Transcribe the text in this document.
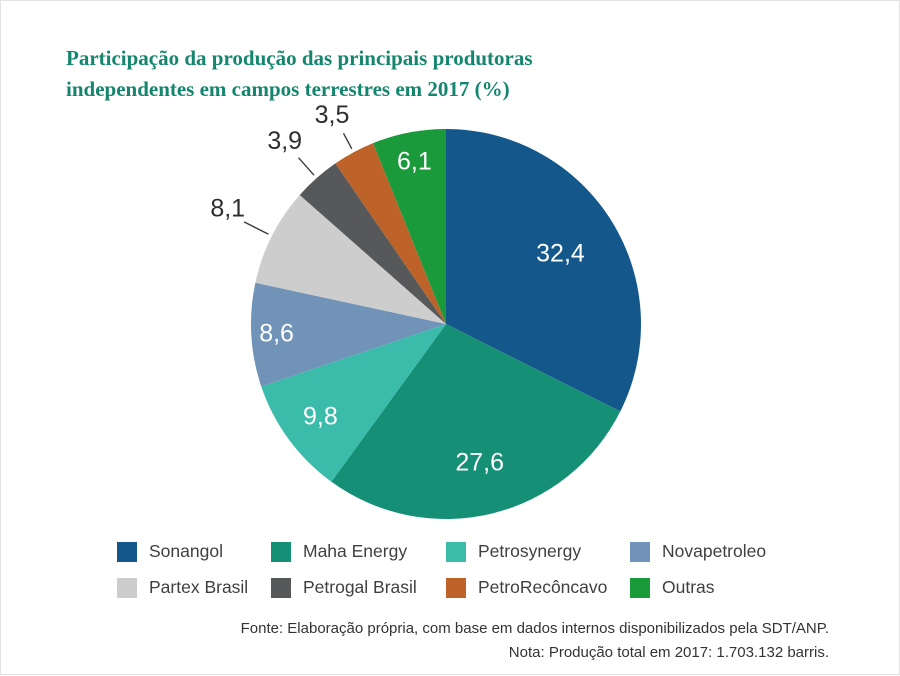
Participação da produção das principais produtoras
independentes em campos terrestres em 2017 (%)
32,4
27,6
9,8
8,6
8,1
3,9
3,5
6,1
Sonangol	Maha Energy	Petrosynergy	Novapetroleo
Partex Brasil	Petrogal Brasil	PetroRecôncavo	Outras
Fonte: Elaboração própria, com base em dados internos disponibilizados pela SDT/ANP.
Nota: Produção total em 2017: 1.703.132 barris.
